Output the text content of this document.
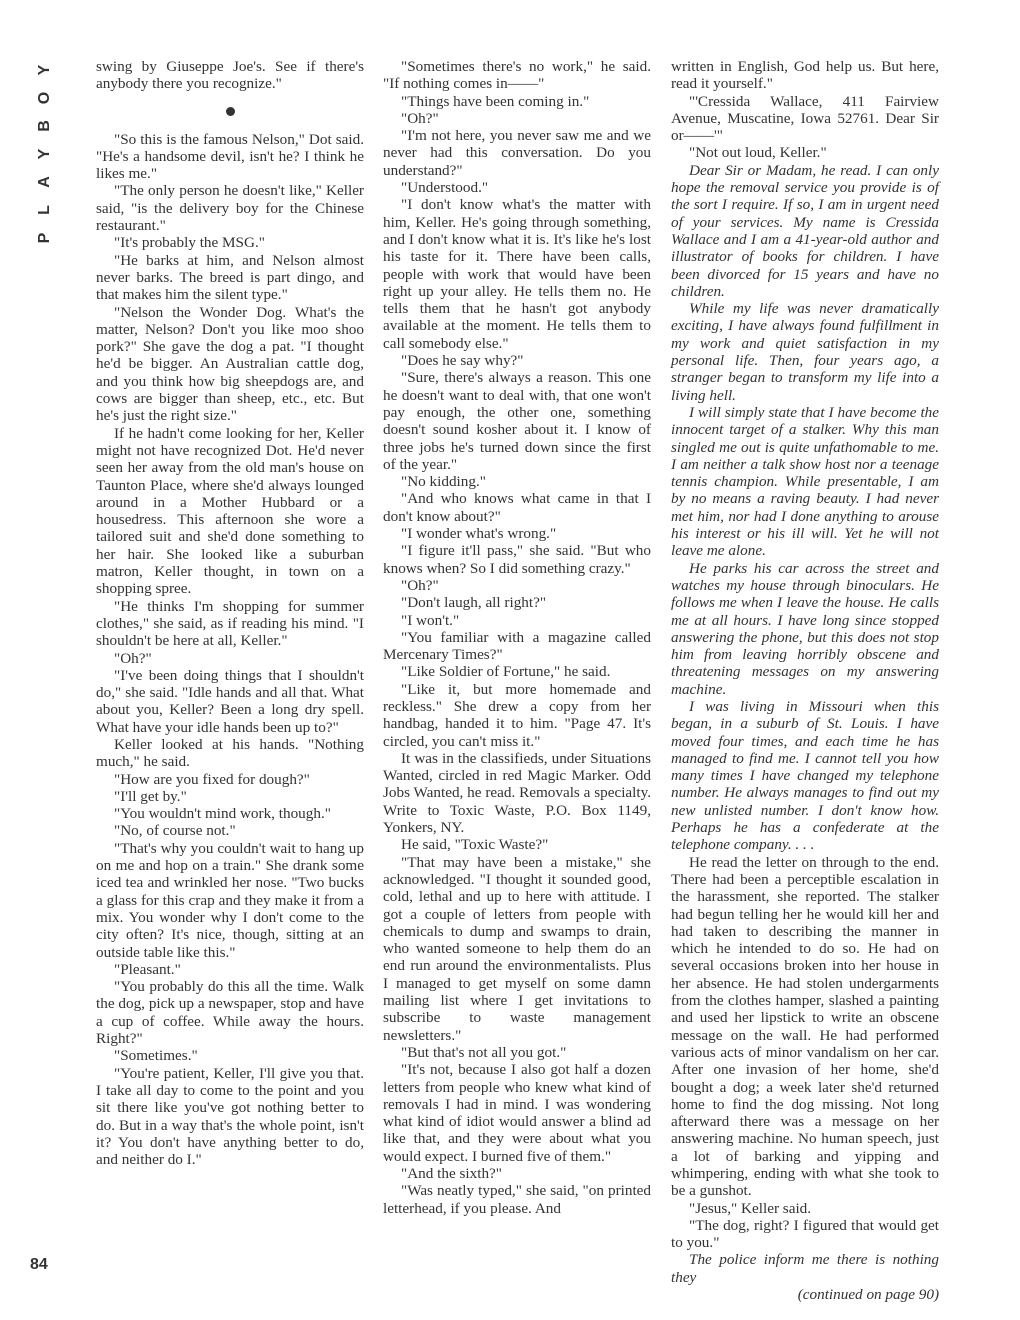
Y
O
B
Y
A
L
P
84

swing by Giuseppe Joe's. See if there's anybody there you recognize."

"So this is the famous Nelson," Dot said. "He's a handsome devil, isn't he? I think he likes me."

"The only person he doesn't like," Keller said, "is the delivery boy for the Chinese restaurant."

"It's probably the MSG."

"He barks at him, and Nelson almost never barks. The breed is part dingo, and that makes him the silent type."

"Nelson the Wonder Dog. What's the matter, Nelson? Don't you like moo shoo pork?" She gave the dog a pat. "I thought he'd be bigger. An Australian cattle dog, and you think how big sheepdogs are, and cows are bigger than sheep, etc., etc. But he's just the right size."

If he hadn't come looking for her, Keller might not have recognized Dot. He'd never seen her away from the old man's house on Taunton Place, where she'd always lounged around in a Mother Hubbard or a housedress. This afternoon she wore a tailored suit and she'd done something to her hair. She looked like a suburban matron, Keller thought, in town on a shopping spree.

"He thinks I'm shopping for summer clothes," she said, as if reading his mind. "I shouldn't be here at all, Keller."

"Oh?"

"I've been doing things that I shouldn't do," she said. "Idle hands and all that. What about you, Keller? Been a long dry spell. What have your idle hands been up to?"

Keller looked at his hands. "Nothing much," he said.

"How are you fixed for dough?"

"I'll get by."

"You wouldn't mind work, though."

"No, of course not."

"That's why you couldn't wait to hang up on me and hop on a train." She drank some iced tea and wrinkled her nose. "Two bucks a glass for this crap and they make it from a mix. You wonder why I don't come to the city often? It's nice, though, sitting at an outside table like this."

"Pleasant."

"You probably do this all the time. Walk the dog, pick up a newspaper, stop and have a cup of coffee. While away the hours. Right?"

"Sometimes."

"You're patient, Keller, I'll give you that. I take all day to come to the point and you sit there like you've got nothing better to do. But in a way that's the whole point, isn't it? You don't have anything better to do, and neither do I."

"Sometimes there's no work," he said. "If nothing comes in——"

"Things have been coming in."

"Oh?"

"I'm not here, you never saw me and we never had this conversation. Do you understand?"

"Understood."

"I don't know what's the matter with him, Keller. He's going through something, and I don't know what it is. It's like he's lost his taste for it. There have been calls, people with work that would have been right up your alley. He tells them no. He tells them that he hasn't got anybody available at the moment. He tells them to call somebody else."

"Does he say why?"

"Sure, there's always a reason. This one he doesn't want to deal with, that one won't pay enough, the other one, something doesn't sound kosher about it. I know of three jobs he's turned down since the first of the year."

"No kidding."

"And who knows what came in that I don't know about?"

"I wonder what's wrong."

"I figure it'll pass," she said. "But who knows when? So I did something crazy."

"Oh?"

"Don't laugh, all right?"

"I won't."

"You familiar with a magazine called Mercenary Times?"

"Like Soldier of Fortune," he said.

"Like it, but more homemade and reckless." She drew a copy from her handbag, handed it to him. "Page 47. It's circled, you can't miss it."

It was in the classifieds, under Situations Wanted, circled in red Magic Marker. Odd Jobs Wanted, he read. Removals a specialty. Write to Toxic Waste, P.O. Box 1149, Yonkers, NY.

He said, "Toxic Waste?"

"That may have been a mistake," she acknowledged. "I thought it sounded good, cold, lethal and up to here with attitude. I got a couple of letters from people with chemicals to dump and swamps to drain, who wanted someone to help them do an end run around the environmentalists. Plus I managed to get myself on some damn mailing list where I get invitations to subscribe to waste management newsletters."

"But that's not all you got."

"It's not, because I also got half a dozen letters from people who knew what kind of removals I had in mind. I was wondering what kind of idiot would answer a blind ad like that, and they were about what you would expect. I burned five of them."

"And the sixth?"

"Was neatly typed," she said, "on printed letterhead, if you please. And

written in English, God help us. But here, read it yourself."

"'Cressida Wallace, 411 Fairview Avenue, Muscatine, Iowa 52761. Dear Sir or——'"

"Not out loud, Keller."

Dear Sir or Madam, he read. I can only hope the removal service you provide is of the sort I require. If so, I am in urgent need of your services. My name is Cressida Wallace and I am a 41-year-old author and illustrator of books for children. I have been divorced for 15 years and have no children.

While my life was never dramatically exciting, I have always found fulfillment in my work and quiet satisfaction in my personal life. Then, four years ago, a stranger began to transform my life into a living hell.

I will simply state that I have become the innocent target of a stalker. Why this man singled me out is quite unfathomable to me. I am neither a talk show host nor a teenage tennis champion. While presentable, I am by no means a raving beauty. I had never met him, nor had I done anything to arouse his interest or his ill will. Yet he will not leave me alone.

He parks his car across the street and watches my house through binoculars. He follows me when I leave the house. He calls me at all hours. I have long since stopped answering the phone, but this does not stop him from leaving horribly obscene and threatening messages on my answering machine.

I was living in Missouri when this began, in a suburb of St. Louis. I have moved four times, and each time he has managed to find me. I cannot tell you how many times I have changed my telephone number. He always manages to find out my new unlisted number. I don't know how. Perhaps he has a confederate at the telephone company. . . .

He read the letter on through to the end. There had been a perceptible escalation in the harassment, she reported. The stalker had begun telling her he would kill her and had taken to describing the manner in which he intended to do so. He had on several occasions broken into her house in her absence. He had stolen undergarments from the clothes hamper, slashed a painting and used her lipstick to write an obscene message on the wall. He had performed various acts of minor vandalism on her car. After one invasion of her home, she'd bought a dog; a week later she'd returned home to find the dog missing. Not long afterward there was a message on her answering machine. No human speech, just a lot of barking and yipping and whimpering, ending with what she took to be a gunshot.

"Jesus," Keller said.

"The dog, right? I figured that would get to you."

The police inform me there is nothing they

(continued on page 90)
